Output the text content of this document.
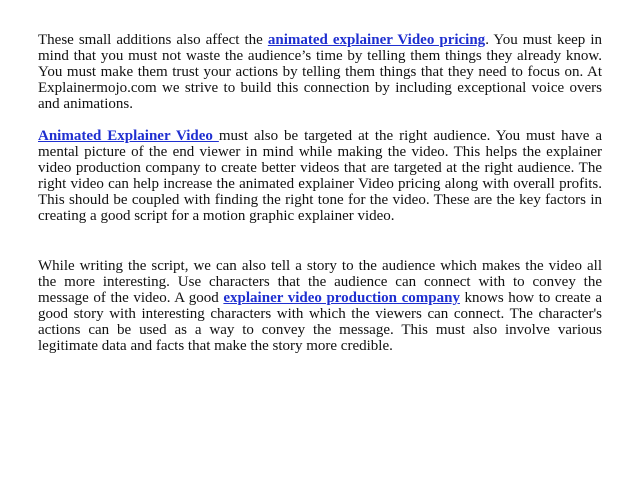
These small additions also affect the animated explainer Video pricing. You must keep in mind that you must not waste the audience’s time by telling them things they already know. You must make them trust your actions by telling them things that they need to focus on. At Explainermojo.com we strive to build this connection by including exceptional voice overs and animations.

Animated Explainer Video must also be targeted at the right audience. You must have a mental picture of the end viewer in mind while making the video. This helps the explainer video production company to create better videos that are targeted at the right audience. The right video can help increase the animated explainer Video pricing along with overall profits. This should be coupled with finding the right tone for the video. These are the key factors in creating a good script for a motion graphic explainer video.

While writing the script, we can also tell a story to the audience which makes the video all the more interesting. Use characters that the audience can connect with to convey the message of the video. A good explainer video production company knows how to create a good story with interesting characters with which the viewers can connect. The character's actions can be used as a way to convey the message. This must also involve various legitimate data and facts that make the story more credible.
